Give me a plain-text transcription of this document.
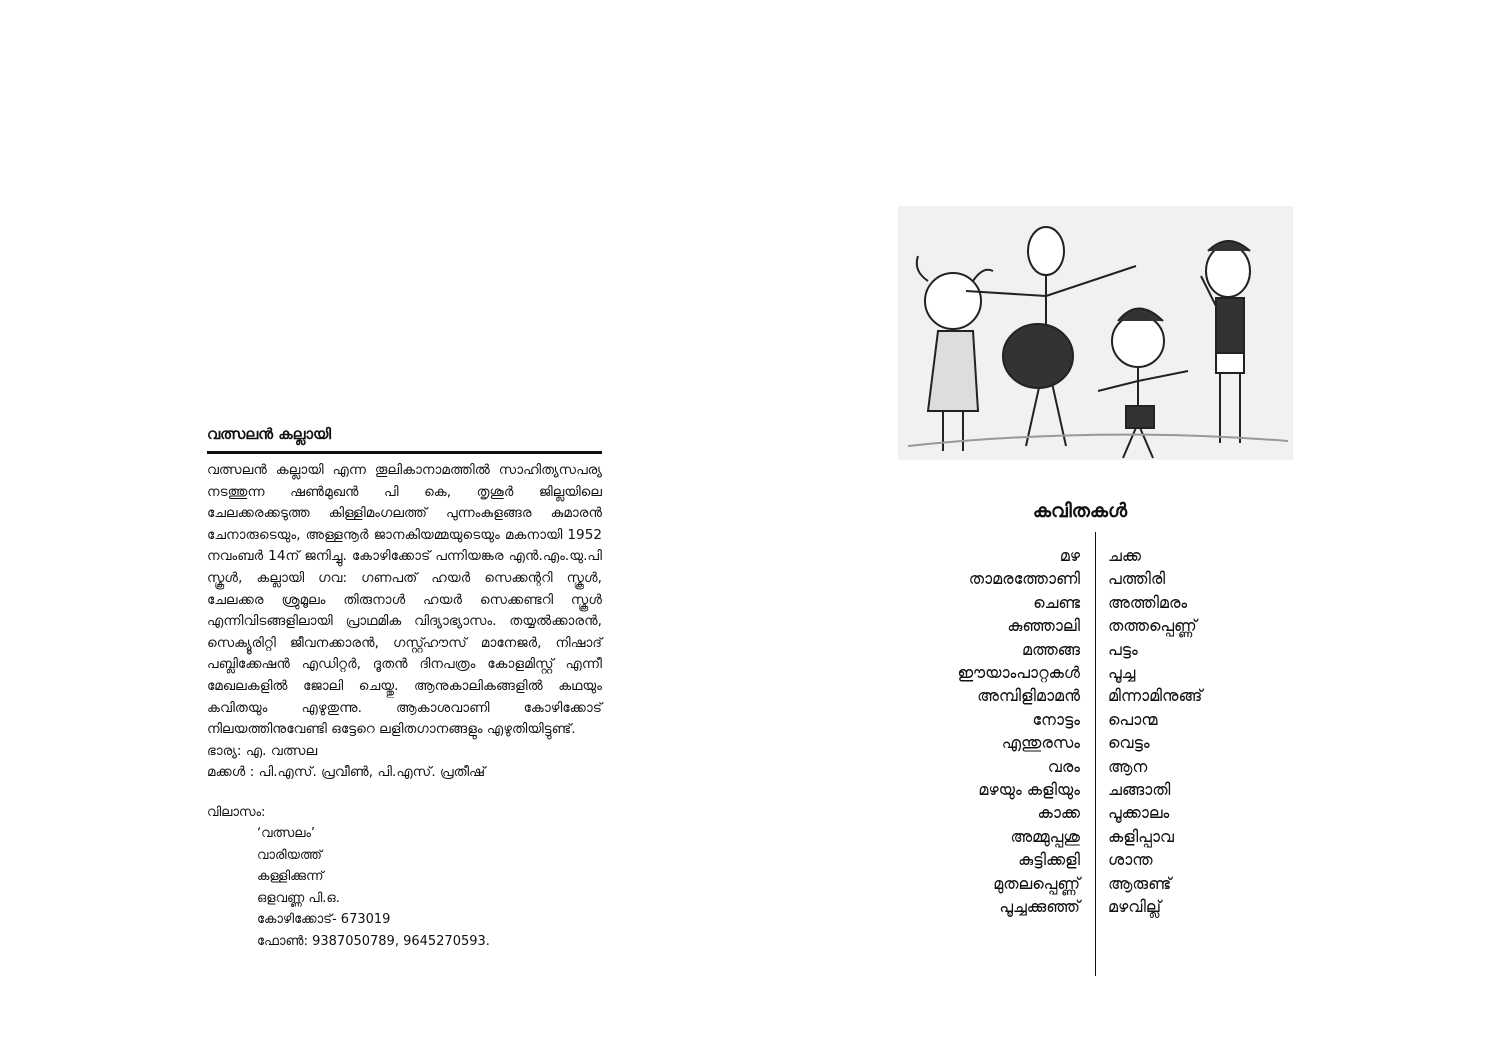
വത്സലൻ കല്ലായി

വത്സലൻ കല്ലായി എന്ന തൂലികാനാമത്തിൽ സാഹിത്യസപര്യ നടത്തുന്ന ഷൺമുഖൻ പി കെ, തൃശൂർ ജില്ലയിലെ ചേലക്കരക്കടുത്ത കിള്ളിമംഗലത്ത് പുന്നംകുളങ്ങര കുമാരൻ ചേനാരുടെയും, അള്ളനൂർ ജാനകിയമ്മയുടെയും മകനായി 1952 നവംബർ 14ന് ജനിച്ചു. കോഴിക്കോട് പന്നിയങ്കര എൻ.എം.യു.പി സ്കൂൾ, കല്ലായി ഗവ: ഗണപത് ഹയർ സെക്കന്ററി സ്കൂൾ, ചേലക്കര ശ്രുമൂലം തിരുനാൾ ഹയർ സെക്കണ്ടറി സ്കൂൾ എന്നിവിടങ്ങളിലായി പ്രാഥമിക വിദ്യാഭ്യാസം. തയ്യൽക്കാരൻ, സെക്യൂരിറ്റി ജീവനക്കാരൻ, ഗസ്റ്റ്ഹൗസ് മാനേജർ, നിഷാദ് പബ്ലിക്കേഷൻ എഡിറ്റർ, ദൂതൻ ദിനപത്രം കോളമിസ്റ്റ് എന്നീ മേഖലകളിൽ ജോലി ചെയ്തു. ആനുകാലികങ്ങളിൽ കഥയും കവിതയും എഴുതുന്നു. ആകാശവാണി കോഴിക്കോട് നിലയത്തിനുവേണ്ടി ഒട്ടേറെ ലളിതഗാനങ്ങളും എഴുതിയിട്ടുണ്ട്.

ഭാര്യ: എ. വത്സല
മക്കൾ : പി.എസ്. പ്രവീൺ, പി.എസ്. പ്രതീഷ്
വിലാസം:
‘വത്സലം’
വാരിയത്ത്
കള്ളിക്കുന്ന്
ഒളവണ്ണ പി.ഒ.
കോഴിക്കോട്- 673019
ഫോൺ: 9387050789, 9645270593.
കവിതകൾ
മഴ
താമരത്തോണി
ചെണ്ട
കുഞ്ഞാലി
മത്തങ്ങ
ഈയാംപാറ്റകൾ
അമ്പിളിമാമൻ
നോട്ടം
എന്തുരസം
വരം
മഴയും കളിയും
കാക്ക
അമ്മുപ്പശു
കുട്ടിക്കളി
മുതലപ്പെണ്ണ്
പൂച്ചക്കുഞ്ഞ്
ചക്ക
പത്തിരി
അത്തിമരം
തത്തപ്പെണ്ണ്
പട്ടം
പൂച്ച
മിന്നാമിനുങ്ങ്
പൊന്മ
വെട്ടം
ആന
ചങ്ങാതി
പൂക്കാലം
കളിപ്പാവ
ശാന്ത
ആരുണ്ട്
മഴവില്ല്
